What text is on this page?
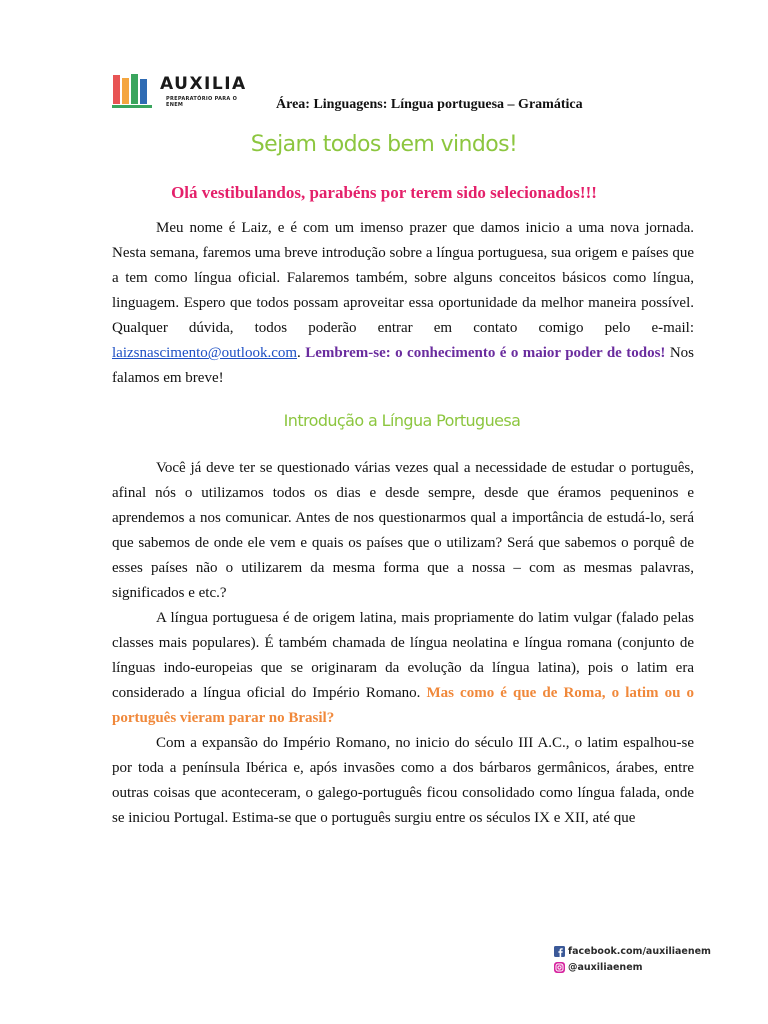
AUXILIA
PREPARATÓRIO PARA O ENEM	Área: Linguagens: Língua portuguesa – Gramática
Sejam todos bem vindos!
Olá vestibulandos, parabéns por terem sido selecionados!!!

Meu nome é Laiz, e é com um imenso prazer que damos inicio a uma nova jornada. Nesta semana, faremos uma breve introdução sobre a língua portuguesa, sua origem e países que a tem como língua oficial. Falaremos também, sobre alguns conceitos básicos como língua, linguagem. Espero que todos possam aproveitar essa oportunidade da melhor maneira possível. Qualquer dúvida, todos poderão entrar em contato comigo pelo e-mail: laizsnascimento@outlook.com. Lembrem-se: o conhecimento é o maior poder de todos! Nos falamos em breve!

Introdução a Língua Portuguesa

Você já deve ter se questionado várias vezes qual a necessidade de estudar o português, afinal nós o utilizamos todos os dias e desde sempre, desde que éramos pequeninos e aprendemos a nos comunicar. Antes de nos questionarmos qual a importância de estudá-lo, será que sabemos de onde ele vem e quais os países que o utilizam? Será que sabemos o porquê de esses países não o utilizarem da mesma forma que a nossa – com as mesmas palavras, significados e etc.?

A língua portuguesa é de origem latina, mais propriamente do latim vulgar (falado pelas classes mais populares). É também chamada de língua neolatina e língua romana (conjunto de línguas indo-europeias que se originaram da evolução da língua latina), pois o latim era considerado a língua oficial do Império Romano. Mas como é que de Roma, o latim ou o português vieram parar no Brasil?

Com a expansão do Império Romano, no inicio do século III A.C., o latim espalhou-se por toda a península Ibérica e, após invasões como a dos bárbaros germânicos, árabes, entre outras coisas que aconteceram, o galego-português ficou consolidado como língua falada, onde se iniciou Portugal. Estima-se que o português surgiu entre os séculos IX e XII, até que

facebook.com/auxiliaenem
@auxiliaenem
